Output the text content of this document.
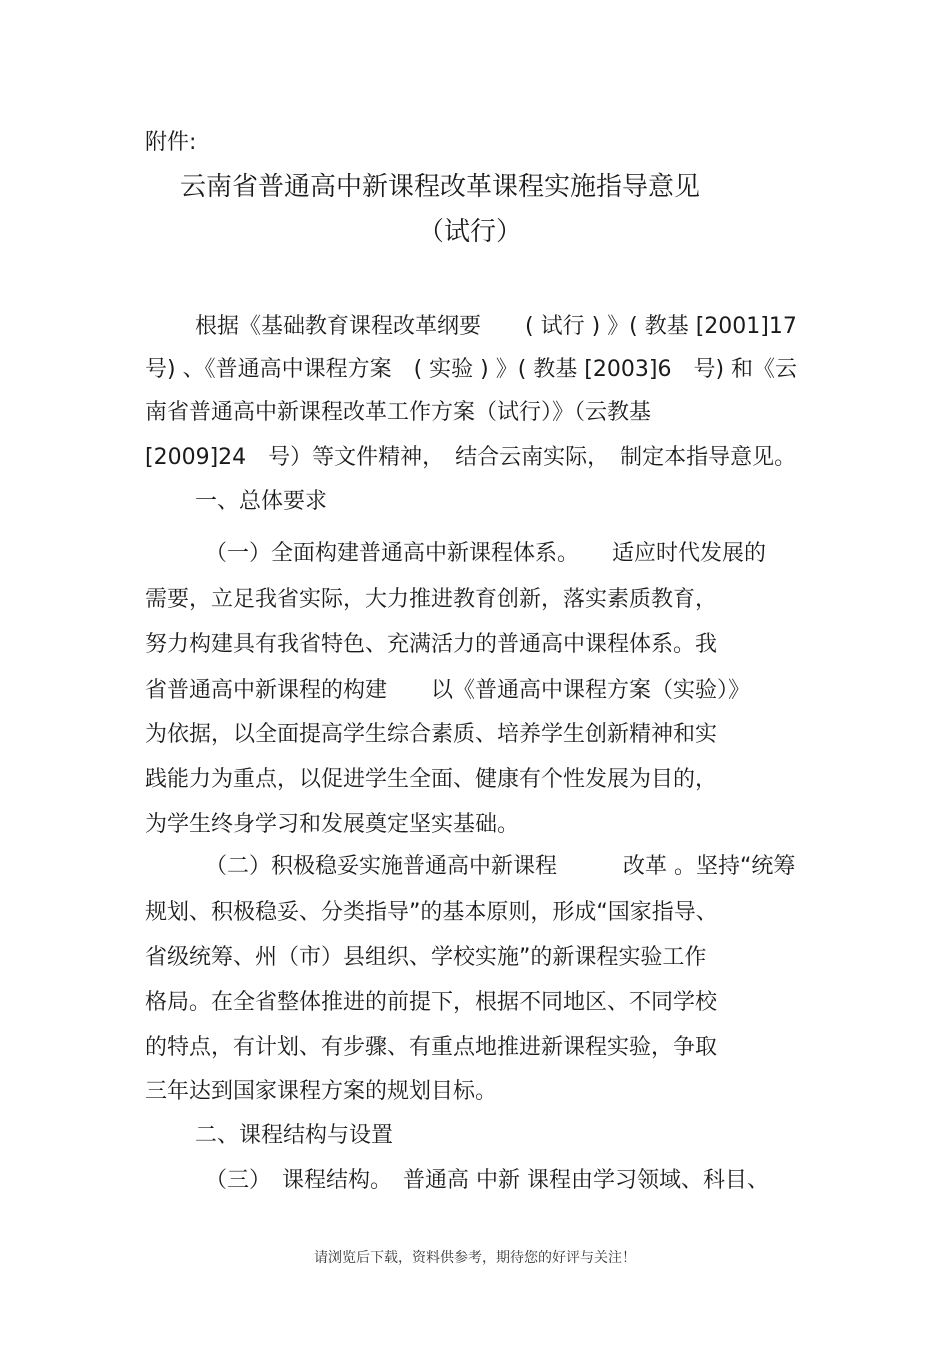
附件:
云南省普通高中新课程改革课程实施指导意见
（试行）
根据《基础教育课程改革纲要　　( 试行 ) 》( 教基 [2001]17
号) 、《普通高中课程方案　( 实验 ) 》( 教基 [2003]6　号) 和《云
南省普通高中新课程改革工作方案（试行）》（云教基
[2009]24　号）等文件精神，　结合云南实际，　制定本指导意见。
一、总体要求
（一）全面构建普通高中新课程体系。　　适应时代发展的
需要，立足我省实际，大力推进教育创新，落实素质教育，
努力构建具有我省特色、充满活力的普通高中课程体系。我
省普通高中新课程的构建　　以《普通高中课程方案（实验）》
为依据，以全面提高学生综合素质、培养学生创新精神和实
践能力为重点，以促进学生全面、健康有个性发展为目的，
为学生终身学习和发展奠定坚实基础。
（二）积极稳妥实施普通高中新课程　　　改革 。坚持“统筹
规划、积极稳妥、分类指导”的基本原则，形成“国家指导、
省级统筹、州（市）县组织、学校实施”的新课程实验工作
格局。在全省整体推进的前提下，根据不同地区、不同学校
的特点，有计划、有步骤、有重点地推进新课程实验，争取
三年达到国家课程方案的规划目标。
二、课程结构与设置
（三）　课程结构。　普通高 中新 课程由学习领域、科目、
请浏览后下载，资料供参考，期待您的好评与关注！
